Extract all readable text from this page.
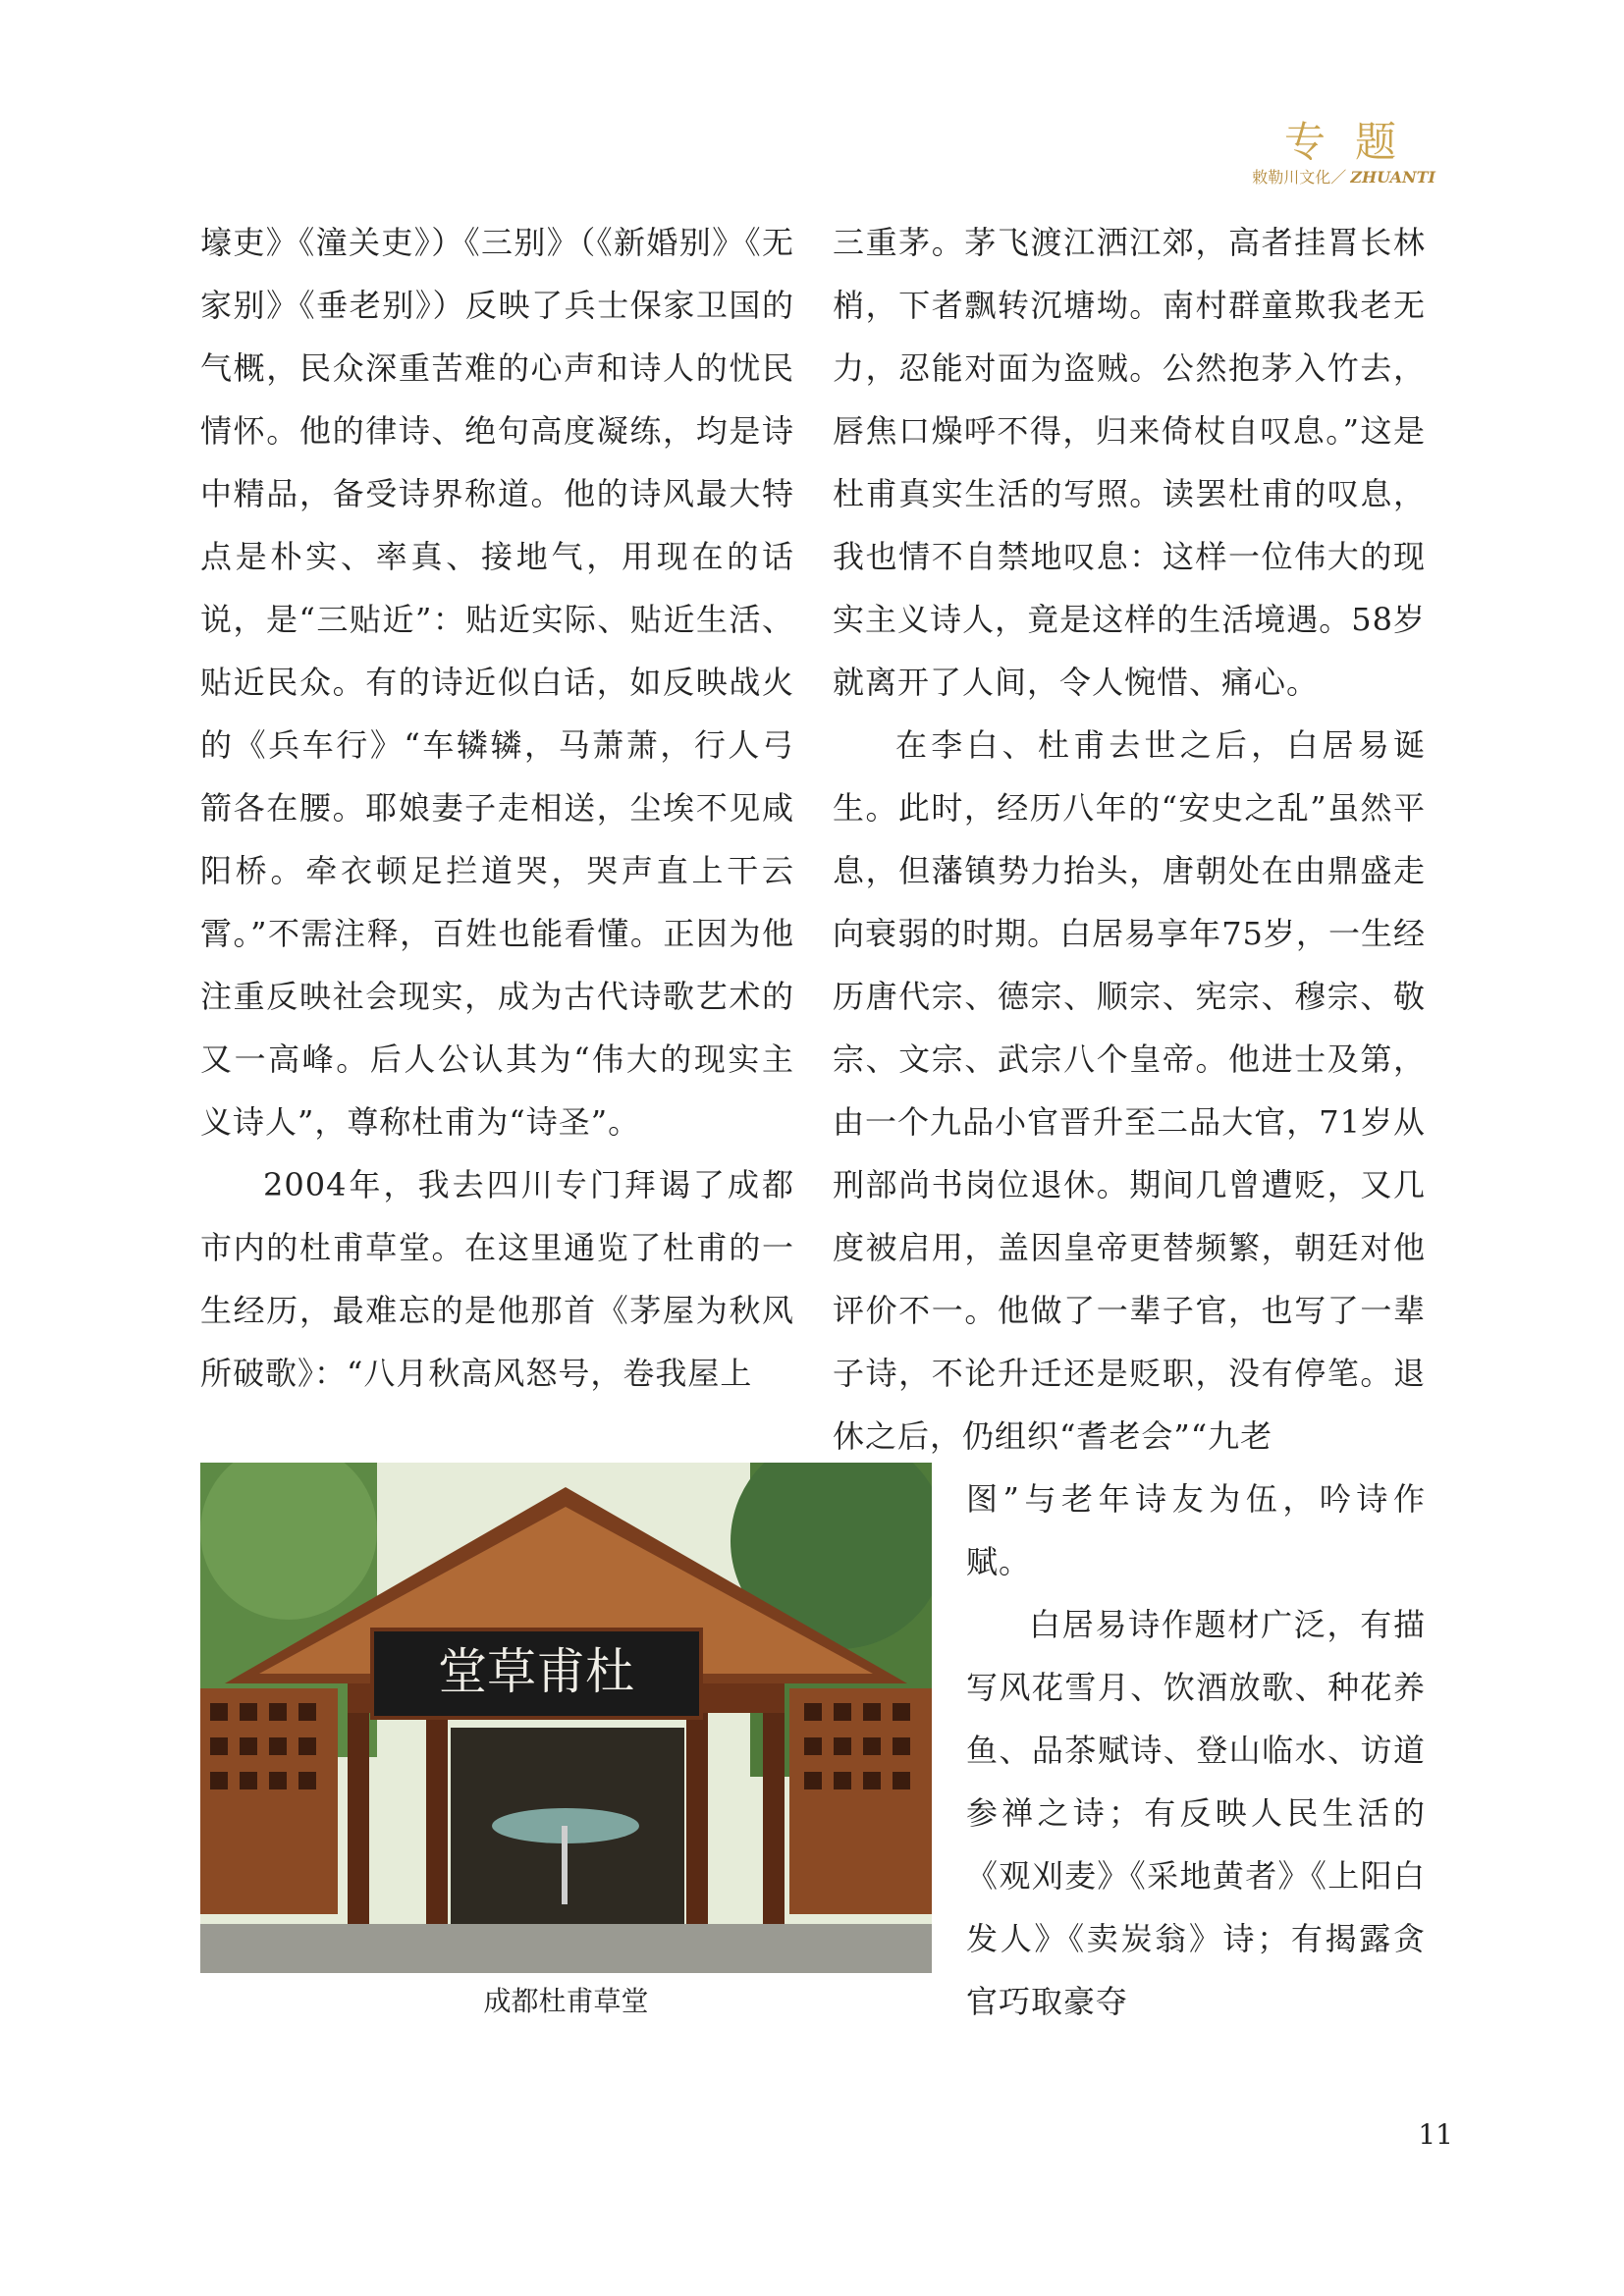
专题
敕勒川文化／ ZHUANTI

壕吏》《潼关吏》）《三别》（《新婚别》《无家别》《垂老别》）反映了兵士保家卫国的气概，民众深重苦难的心声和诗人的忧民情怀。他的律诗、绝句高度凝练，均是诗中精品，备受诗界称道。他的诗风最大特点是朴实、率真、接地气，用现在的话说，是“三贴近”：贴近实际、贴近生活、贴近民众。有的诗近似白话，如反映战火的《兵车行》“车辚辚，马萧萧，行人弓箭各在腰。耶娘妻子走相送，尘埃不见咸阳桥。牵衣顿足拦道哭，哭声直上干云霄。”不需注释，百姓也能看懂。正因为他注重反映社会现实，成为古代诗歌艺术的又一高峰。后人公认其为“伟大的现实主义诗人”，尊称杜甫为“诗圣”。

2004年，我去四川专门拜谒了成都市内的杜甫草堂。在这里通览了杜甫的一生经历，最难忘的是他那首《茅屋为秋风所破歌》：“八月秋高风怒号，卷我屋上

三重茅。茅飞渡江洒江郊，高者挂罥长林梢，下者飘转沉塘坳。南村群童欺我老无力，忍能对面为盗贼。公然抱茅入竹去，唇焦口燥呼不得，归来倚杖自叹息。”这是杜甫真实生活的写照。读罢杜甫的叹息，我也情不自禁地叹息：这样一位伟大的现实主义诗人，竟是这样的生活境遇。58岁就离开了人间，令人惋惜、痛心。

在李白、杜甫去世之后，白居易诞生。此时，经历八年的“安史之乱”虽然平息，但藩镇势力抬头，唐朝处在由鼎盛走向衰弱的时期。白居易享年75岁，一生经历唐代宗、德宗、顺宗、宪宗、穆宗、敬宗、文宗、武宗八个皇帝。他进士及第，由一个九品小官晋升至二品大官，71岁从刑部尚书岗位退休。期间几曾遭贬，又几度被启用，盖因皇帝更替频繁，朝廷对他评价不一。他做了一辈子官，也写了一辈子诗，不论升迁还是贬职，没有停笔。退休之后，仍组织“耆老会”“九老

图”与老年诗友为伍，吟诗作赋。

白居易诗作题材广泛，有描写风花雪月、饮酒放歌、种花养鱼、品茶赋诗、登山临水、访道参禅之诗；有反映人民生活的《观刈麦》《采地黄者》《上阳白发人》《卖炭翁》诗；有揭露贪官巧取豪夺

堂草甫杜
成都杜甫草堂
11
